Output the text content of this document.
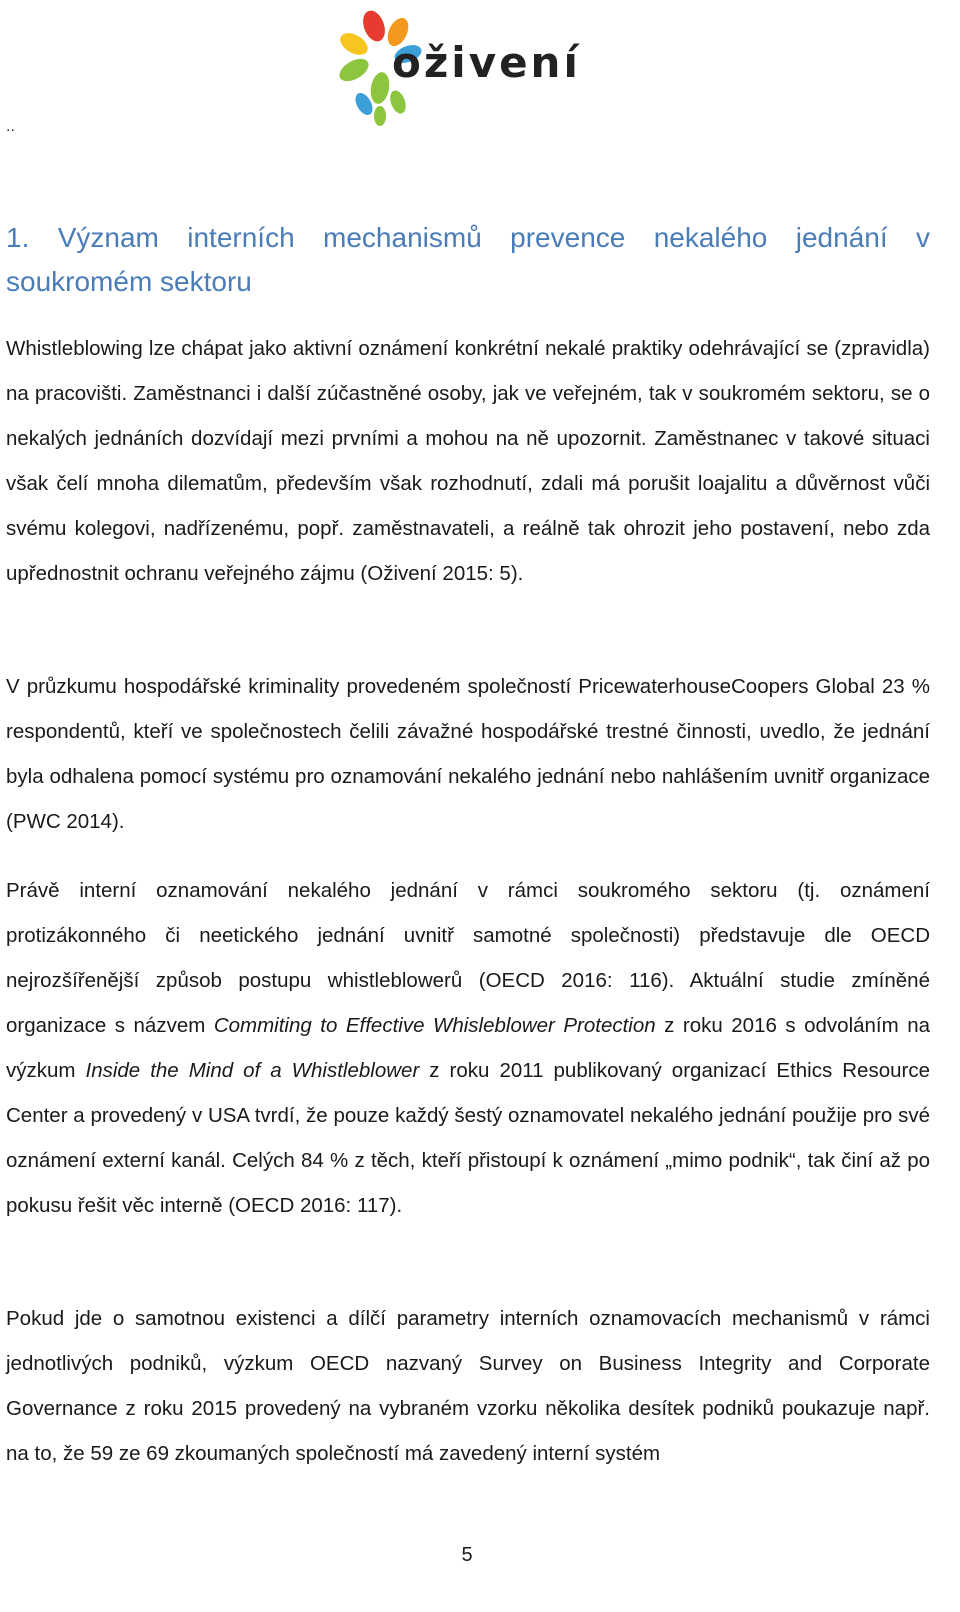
oživení
..
1. Význam interních mechanismů prevence nekalého jednání v soukromém sektoru

Whistleblowing lze chápat jako aktivní oznámení konkrétní nekalé praktiky odehrávající se (zpravidla) na pracovišti. Zaměstnanci i další zúčastněné osoby, jak ve veřejném, tak v soukromém sektoru, se o nekalých jednáních dozvídají mezi prvními a mohou na ně upozornit. Zaměstnanec v takové situaci však čelí mnoha dilematům, především však rozhodnutí, zdali má porušit loajalitu a důvěrnost vůči svému kolegovi, nadřízenému, popř. zaměstnavateli, a reálně tak ohrozit jeho postavení, nebo zda upřednostnit ochranu veřejného zájmu (Oživení 2015: 5).

V průzkumu hospodářské kriminality provedeném společností PricewaterhouseCoopers Global 23 % respondentů, kteří ve společnostech čelili závažné hospodářské trestné činnosti, uvedlo, že jednání byla odhalena pomocí systému pro oznamování nekalého jednání nebo nahlášením uvnitř organizace (PWC 2014).

Právě interní oznamování nekalého jednání v rámci soukromého sektoru (tj. oznámení protizákonného či neetického jednání uvnitř samotné společnosti) představuje dle OECD nejrozšířenější způsob postupu whistleblowerů (OECD 2016: 116). Aktuální studie zmíněné organizace s názvem Commiting to Effective Whisleblower Protection z roku 2016 s odvoláním na výzkum Inside the Mind of a Whistleblower z roku 2011 publikovaný organizací Ethics Resource Center a provedený v USA tvrdí, že pouze každý šestý oznamovatel nekalého jednání použije pro své oznámení externí kanál. Celých 84 % z těch, kteří přistoupí k oznámení „mimo podnik“, tak činí až po pokusu řešit věc interně (OECD 2016: 117).

Pokud jde o samotnou existenci a dílčí parametry interních oznamovacích mechanismů v rámci jednotlivých podniků, výzkum OECD nazvaný Survey on Business Integrity and Corporate Governance z roku 2015 provedený na vybraném vzorku několika desítek podniků poukazuje např. na to, že 59 ze 69 zkoumaných společností má zavedený interní systém

5
